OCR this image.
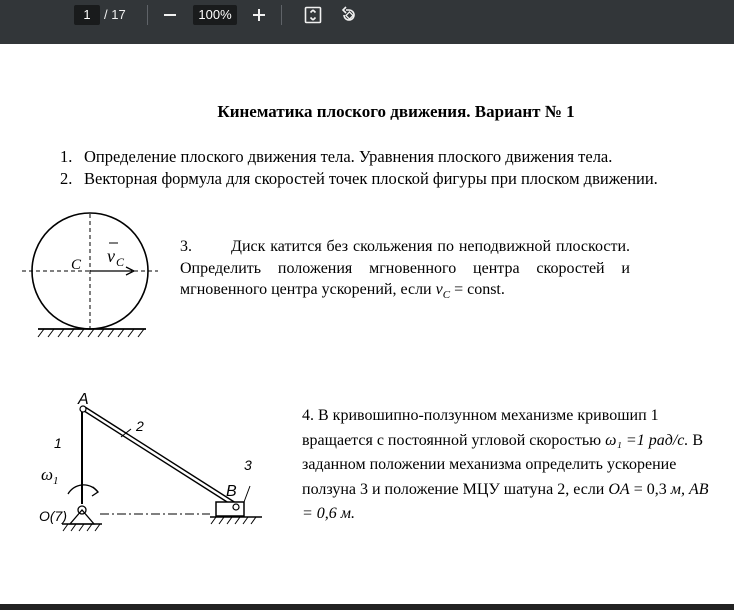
1	/ 17	100%
Кинематика плоского движения. Вариант № 1
1. Определение плоского движения тела. Уравнения плоского движения тела.
2. Векторная формула для скоростей точек плоской фигуры при плоском движении.
C v C
3. Диск катится без скольжения по неподвижной плоскости. Определить положения мгновенного центра скоростей и мгновенного центра ускорений, если $v_C$ = const.
A
B
O(7)
1
2
3
ω 1
4. В кривошипно-ползунном механизме кривошип 1 вращается с постоянной угловой скоростью ω₁ =1 рад/с. В заданном положении механизма определить ускорение ползуна 3 и положение МЦУ шатуна 2, если OA = 0,3 м, AB = 0,6 м.
